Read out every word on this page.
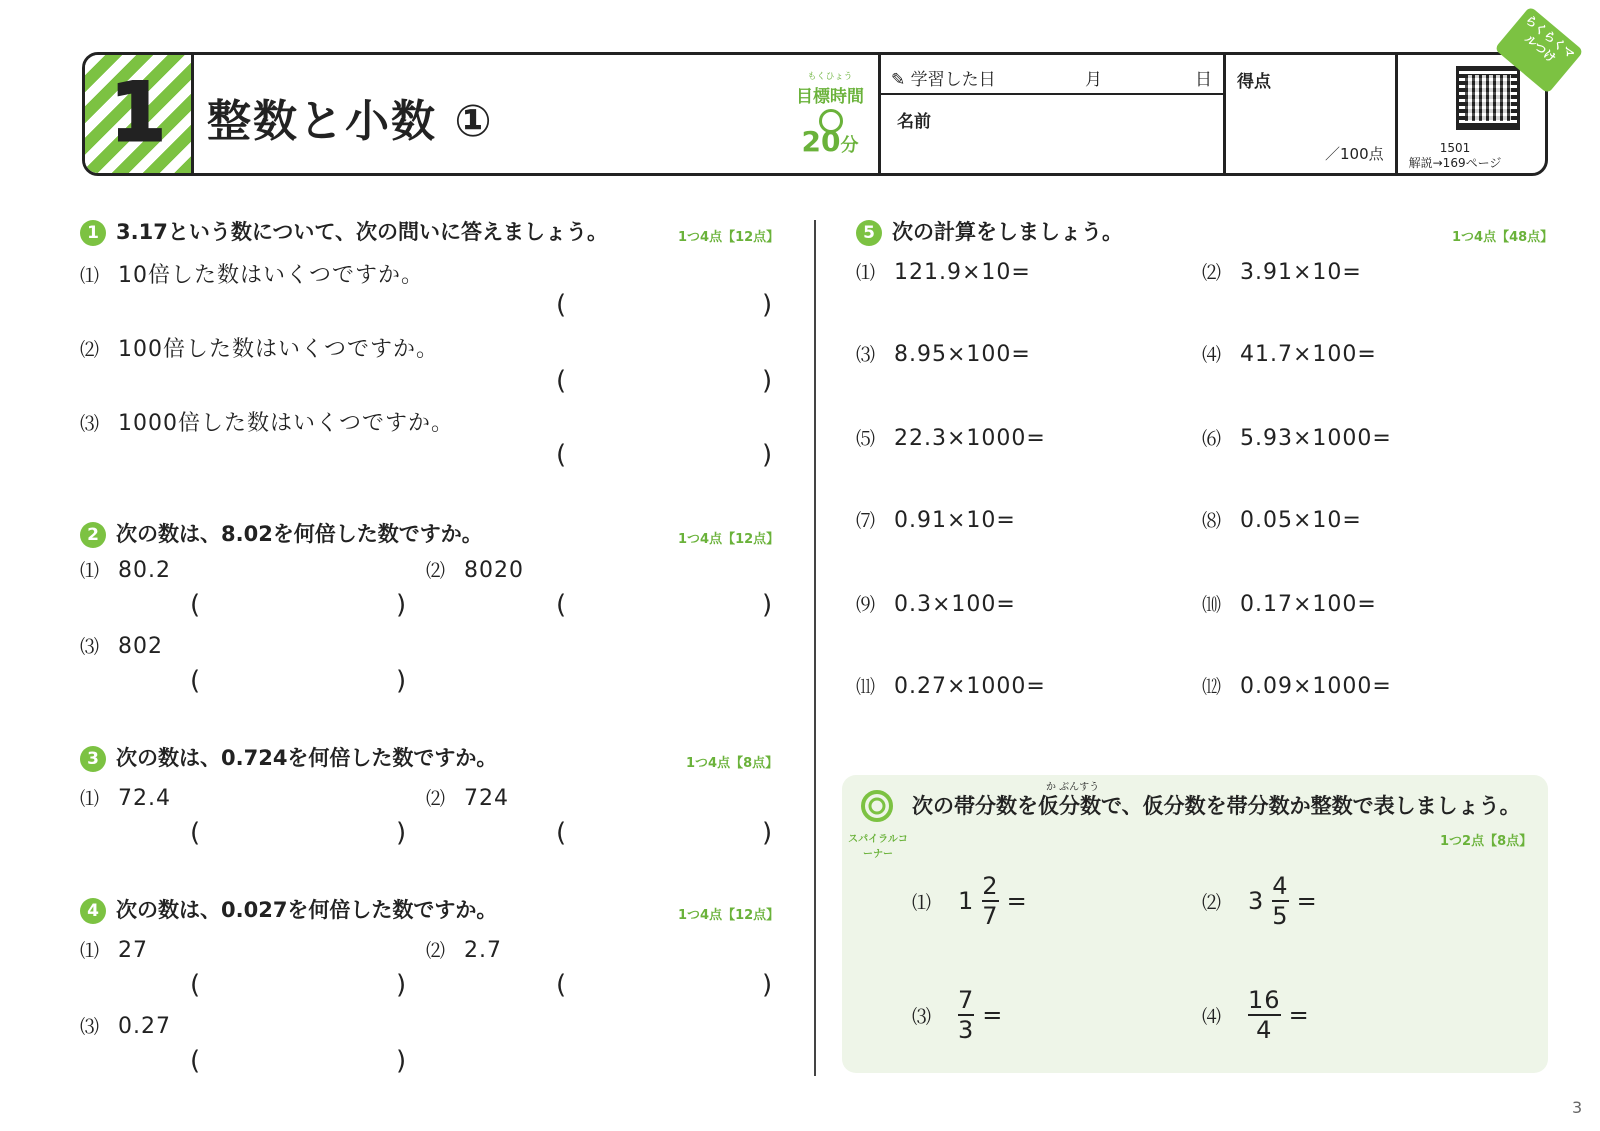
1 整数と小数 ①
もくひょう
目標時間
20分
✎ 学習した日	月	日
名前
得点
／100点	1501
解説→169ページ
らくらくマルつけ
1 3.17という数について、次の問いに答えましょう。	1つ4点【12点】
⑴ 10倍した数はいくつですか。
(	)
⑵ 100倍した数はいくつですか。
(	)
⑶ 1000倍した数はいくつですか。
(	)
2 次の数は、8.02を何倍した数ですか。	1つ4点【12点】
⑴ 80.2	⑵ 8020
(	)	(	)
⑶ 802
(	)
3 次の数は、0.724を何倍した数ですか。	1つ4点【8点】
⑴ 72.4	⑵ 724
(	)	(	)
4 次の数は、0.027を何倍した数ですか。	1つ4点【12点】
⑴ 27	⑵ 2.7
(	)	(	)
⑶ 0.27
(	)
5 次の計算をしましょう。	1つ4点【48点】
⑴ 121.9×10=	⑵ 3.91×10=
⑶ 8.95×100=	⑷ 41.7×100=
⑸ 22.3×1000=	⑹ 5.93×1000=
⑺ 0.91×10=	⑻ 0.05×10=
⑼ 0.3×100=	⑽ 0.17×100=
⑾ 0.27×1000=	⑿ 0.09×1000=
スパイラルコーナー
か ぶんすう
次の帯分数を仮分数で、仮分数を帯分数か整数で表しましょう。
1つ2点【8点】
⑴ $1 \frac{2}{7}$ =	⑵ $3 \frac{4}{5}$ =
⑶ $\frac{7}{3}$ =	⑷ $\frac{16}{4}$ =
3
